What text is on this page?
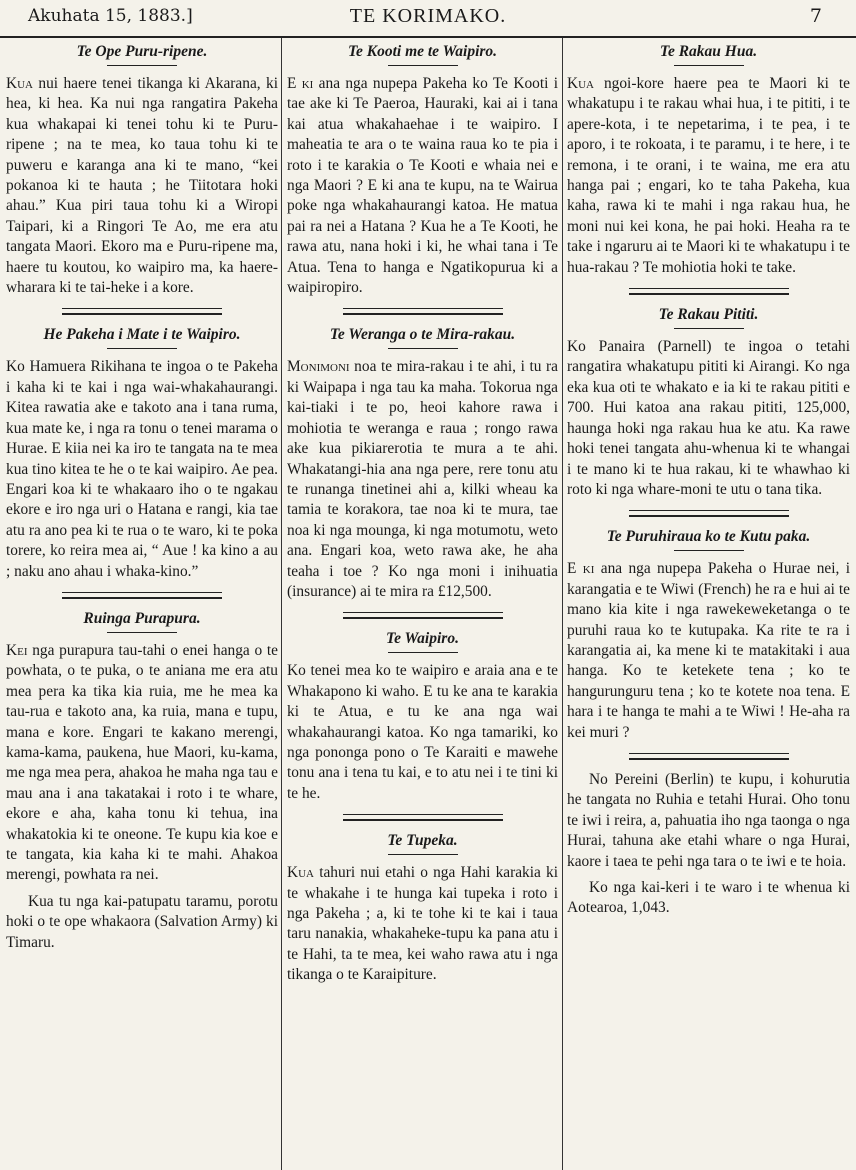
Akuhata 15, 1883.]	TE KORIMAKO.	7
Te Ope Puru-ripene.

Kua nui haere tenei tikanga ki Akarana, ki hea, ki hea. Ka nui nga rangatira Pakeha kua whakapai ki tenei tohu ki te Puru-ripene ; na te mea, ko taua tohu ki te puweru e karanga ana ki te mano, “kei pokanoa ki te hauta ; he Tiitotara hoki ahau.” Kua piri taua tohu ki a Wiropi Taipari, ki a Ringori Te Ao, me era atu tangata Maori. Ekoro ma e Puru-ripene ma, haere tu koutou, ko waipiro ma, ka haere-wharara ki te tai-heke i a kore.

He Pakeha i Mate i te Waipiro.

Ko Hamuera Rikihana te ingoa o te Pakeha i kaha ki te kai i nga wai-whakahaurangi. Kitea rawatia ake e takoto ana i tana ruma, kua mate ke, i nga ra tonu o tenei marama o Hurae. E kiia nei ka iro te tangata na te mea kua tino kitea te he o te kai waipiro. Ae pea. Engari koa ki te whakaaro iho o te ngakau ekore e iro nga uri o Hatana e rangi, kia tae atu ra ano pea ki te rua o te waro, ki te poka torere, ko reira mea ai, “ Aue ! ka kino a au ; naku ano ahau i whaka-kino.”

Ruinga Purapura.

Kei nga purapura tau-tahi o enei hanga o te powhata, o te puka, o te aniana me era atu mea pera ka tika kia ruia, me he mea ka tau-rua e takoto ana, ka ruia, mana e tupu, mana e kore. Engari te kakano merengi, kama-kama, paukena, hue Maori, ku-kama, me nga mea pera, ahakoa he maha nga tau e mau ana i ana takatakai i roto i te whare, ekore e aha, kaha tonu ki tehua, ina whakatokia ki te oneone. Te kupu kia koe e te tangata, kia kaha ki te mahi. Ahakoa merengi, powhata ra nei.

Kua tu nga kai-patupatu taramu, porotu hoki o te ope whakaora (Salvation Army) ki Timaru.

Te Kooti me te Waipiro.

E ki ana nga nupepa Pakeha ko Te Kooti i tae ake ki Te Paeroa, Hauraki, kai ai i tana kai atua whakahaehae i te waipiro. I maheatia te ara o te waina raua ko te pia i roto i te karakia o Te Kooti e whaia nei e nga Maori ? E ki ana te kupu, na te Wairua poke nga whakahaurangi katoa. He matua pai ra nei a Hatana ? Kua he a Te Kooti, he rawa atu, nana hoki i ki, he whai tana i Te Atua. Tena to hanga e Ngatikopurua ki a waipiropiro.

Te Weranga o te Mira-rakau.

Monimoni noa te mira-rakau i te ahi, i tu ra ki Waipapa i nga tau ka maha. Tokorua nga kai-tiaki i te po, heoi kahore rawa i mohiotia te weranga e raua ; rongo rawa ake kua pikiarerotia te mura a te ahi. Whakatangi-hia ana nga pere, rere tonu atu te runanga tinetinei ahi a, kilki wheau ka tamia te korakora, tae noa ki te mura, tae noa ki nga mounga, ki nga motumotu, weto ana. Engari koa, weto rawa ake, he aha teaha i toe ? Ko nga moni i inihuatia (insurance) ai te mira ra £12,500.

Te Waipiro.

Ko tenei mea ko te waipiro e araia ana e te Whakapono ki waho. E tu ke ana te karakia ki te Atua, e tu ke ana nga wai whakahaurangi katoa. Ko nga tamariki, ko nga pononga pono o Te Karaiti e mawehe tonu ana i tena tu kai, e to atu nei i te tini ki te he.

Te Tupeka.

Kua tahuri nui etahi o nga Hahi karakia ki te whakahe i te hunga kai tupeka i roto i nga Pakeha ; a, ki te tohe ki te kai i taua taru nanakia, whakaheke-tupu ka pana atu i te Hahi, ta te mea, kei waho rawa atu i nga tikanga o te Karaipiture.

Te Rakau Hua.

Kua ngoi-kore haere pea te Maori ki te whakatupu i te rakau whai hua, i te pititi, i te apere-kota, i te nepetarima, i te pea, i te aporo, i te rokoata, i te paramu, i te here, i te remona, i te orani, i te waina, me era atu hanga pai ; engari, ko te taha Pakeha, kua kaha, rawa ki te mahi i nga rakau hua, he moni nui kei kona, he pai hoki. Heaha ra te take i ngaruru ai te Maori ki te whakatupu i te hua-rakau ? Te mohiotia hoki te take.

Te Rakau Pititi.

Ko Panaira (Parnell) te ingoa o tetahi rangatira whakatupu pititi ki Airangi. Ko nga eka kua oti te whakato e ia ki te rakau pititi e 700. Hui katoa ana rakau pititi, 125,000, haunga hoki nga rakau hua ke atu. Ka rawe hoki tenei tangata ahu-whenua ki te whangai i te mano ki te hua rakau, ki te whawhao ki roto ki nga whare-moni te utu o tana tika.

Te Puruhiraua ko te Kutu paka.

E ki ana nga nupepa Pakeha o Hurae nei, i karangatia e te Wiwi (French) he ra e hui ai te mano kia kite i nga rawekeweketanga o te puruhi raua ko te kutupaka. Ka rite te ra i karangatia ai, ka mene ki te matakitaki i aua hanga. Ko te ketekete tena ; ko te hangurunguru tena ; ko te kotete noa tena. E hara i te hanga te mahi a te Wiwi ! He-aha ra kei muri ?

No Pereini (Berlin) te kupu, i kohurutia he tangata no Ruhia e tetahi Hurai. Oho tonu te iwi i reira, a, pahuatia iho nga taonga o nga Hurai, tahuna ake etahi whare o nga Hurai, kaore i taea te pehi nga tara o te iwi e te hoia.

Ko nga kai-keri i te waro i te whenua ki Aotearoa, 1,043.
